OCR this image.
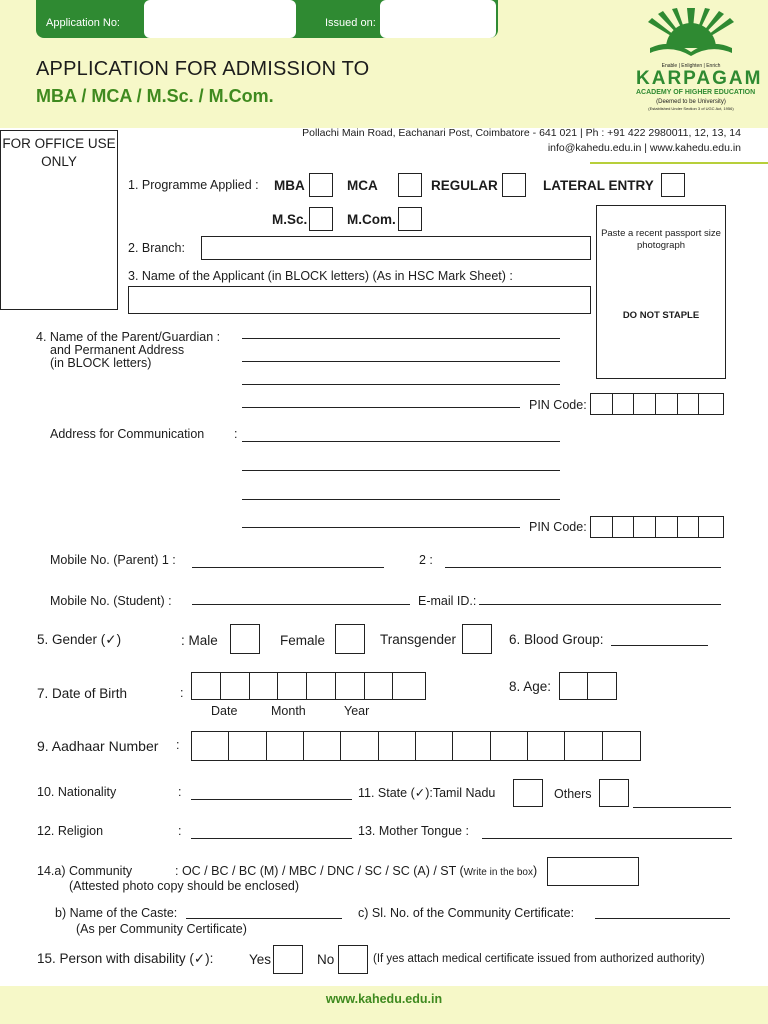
Application No:	Issued on:
APPLICATION FOR ADMISSION TO
MBA / MCA / M.Sc. / M.Com.
Enable | Enlighten | Enrich
KARPAGAM
ACADEMY OF HIGHER EDUCATION
(Deemed to be University)
(Established Under Section 3 of UGC Act, 1956)
Pollachi Main Road, Eachanari Post, Coimbatore - 641 021 | Ph : +91 422 2980011, 12, 13, 14
info@kahedu.edu.in | www.kahedu.edu.in
FOR OFFICE USE ONLY
Paste a recent passport size photograph
DO NOT STAPLE
1. Programme Applied : MBA	MCA	REGULAR	LATERAL ENTRY
M.Sc.	M.Com.
2. Branch:
3. Name of the Applicant (in BLOCK letters) (As in HSC Mark Sheet) :
4. Name of the Parent/Guardian :
and Permanent Address
(in BLOCK letters)
PIN Code:
Address for Communication :
PIN Code:
Mobile No. (Parent) 1 :	2 :
Mobile No. (Student) :	E-mail ID.:
5. Gender (✓)	: Male	Female	Transgender	6. Blood Group:
7. Date of Birth	:
Date	Month	Year
8. Age:
9. Aadhaar Number :
10. Nationality	:	11. State (✓):Tamil Nadu	Others
12. Religion	:	13. Mother Tongue :
14.a) Community	: OC / BC / BC (M) / MBC / DNC / SC / SC (A) / ST (Write in the box)
(Attested photo copy should be enclosed)
b) Name of the Caste:
(As per Community Certificate)
c) Sl. No. of the Community Certificate:
15. Person with disability (✓):	Yes	No	(If yes attach medical certificate issued from authorized authority)
www.kahedu.edu.in
